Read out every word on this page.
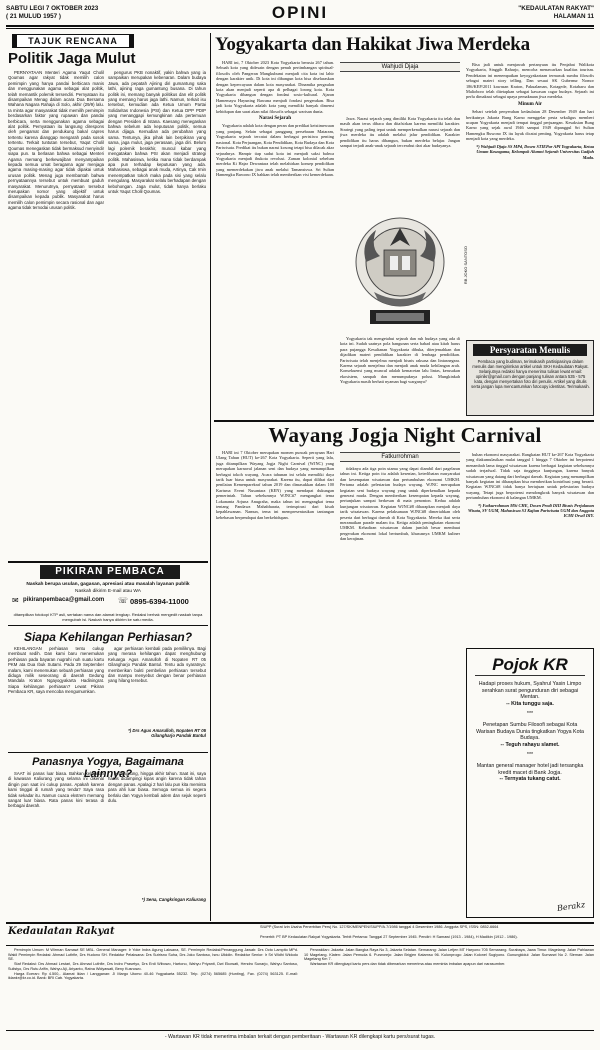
SABTU LEGI 7 OKTOBER 2023
( 21 MULUD 1957 )	OPINI	"KEDAULATAN RAKYAT"
HALAMAN 11
TAJUK RENCANA
Politik Jaga Mulut

PERNYATAAN Menteri Agama Yaqut Cholil Qoumas agar rakyat tidak memilih calon pemimpin yang hanya pandai berbicara manis dan menggunakan agama sebagai alat politik, telah memantik polemik tersendiri. Pernyataan itu disampaikan Menag dalam acara Doa Bersama Wahana Nagara Rahaja di Solo, akhir (29/9) lalu. Ia minta agar masyarakat tidak memilih pemimpin berdasarkan faktor yang rupawan dan pandai berbicara, serta menggunakan agama sebagai alat politik. Pernyataan itu langsung direspons oleh pengamat dan pendukung bakal capres tertentu karena dianggap mengarah pada sosok tertentu. Terkait tuntutan tersebut, Yaqut Cholil Qoumas menegaskan tidak bermaksud menyindir siapa pun. Ia berlasan bahwa sebagai Menteri Agama memang berkewajiban menyampaikan kepada semua umat beragama agar menjaga agama masing-masing agar tidak dipakai untuk urusan politik. Menag juga membantah bahwa pernyataannya tersebut untuk membuat gaduh masyarakat. Menurutnya, pernyataan tersebut merupakan nomor yang objektif untuk disampaikan kepada publik. Masyarakat harus memilih calon pemimpin secara rasional dan agar agama tidak ternodai urusan politik.

pengurus PKB nonaktif, yakin bahwa yang ia sampaikan merupakan kebenaran. Dalam budaya Jawa, ada pepatah Ajining diri gumantung saka lathi, ajining raga gumantung busana. Di tahun politik ini, memang banyak politikus dan elit politik yang memang harus jaga lathi. Namun, terkait isu tersebut, kemudian ada Ketua Umum Partai Solidaritas Indonesia (PSI) dan Ketua DPP PDIP yang menanggapi kemungkinan ada pertemuan dengan Presiden di Istana. Kaesang menegaskan bahwa sebelum ada keputusan politik, semua harus dijaga. Kemudian ada perubahan yang sama. Tentunya, jika pihak lain berpikiran yang sama, jaga mulut, jaga perasaan, jaga diri. Belum lagi polemik berakhir, muncul kabar yang mengatakan bahwa PSI akan menjadi strategi politik. Mahasiswa, ketika mana tidak berdampak apa pun terhadap keputusan yang ada. Mahasiswa, sebagai anak muda, Artinya, Cak Imin menempatkan tokoh maka pada sisi yang selalu mengulang. Masyarakat selalu berhadapan dengan kebohongan. Jaga mulut, tidak hanya berlaku untuk Yaqut Cholil Qoumas.

PIKIRAN PEMBACA
Naskah berupa usulan, gagasan, apresiasi atau masalah layanan publik
Naskah dikirim E-mail atau WA
✉ pikiranpembaca@gmail.com ☏ 0895-6394-11000
ditampilkan fotokopi KTP asli, sertakan nama dan alamat lengkap. Redaksi berhak mengedit naskah tanpa mengubah isi. Naskah hanya dikirim ke satu media.
Siapa Kehilangan Perhiasan?

KEHILANGAN perhiasan tentu cukup membuat sedih. Dan kami baru menemukan perhiasan pada bayaran nugrahi nuh suatu kartu PKM ata Dua Ibuk Sutami. Pada 29 September malam, kami menemukan sebuah perhiasan yang diduga milik seseorang di daerah Gedung Mandala Kraton Ngayogyakarta Hadiningrat. Siapa kehilangan perhiasan? Lewat Pikiran Pembaca KR, saya mencoba mengumumkan.

agar perhiasan kembali pada pemiliknya. Bagi yang merasa kehilangan dapat menghubungi Keluarga Agus Amarulloh di Nopaten RT 05 Gilangharjo Pandak Bantul. Tentu ada syaratnya: memberikan bukti pembelian perhiasan tersebut dan mampu menyebut dengan benar perhiasan yang hilang tersebut.

*) Drs Agus Amarulloh, Nopaten RT 05 Gilangharjo Pandak Bantul
Panasnya Yogya, Bagaimana Lainnya?

SAAT ini panas luar biasa. Bahkan kelelahan di kawasan Kaliurang yang selama ini dikenal dingin pun saat ini cukup panas. Apakah karena kami tinggal di rumah yang tenda? Saya rasa tidak sekadar itu. Namun cuaca ekstrem memang sangat luar biasa. Rata panas kini terasa di berbagai daerah.

berlangsung, hingga akhir tahun. Saat ini, saya harus didampingi kipas angin karena tidak tahan dengan panas. Apalagi 2 hari lalu pun kita meminta para ahli luar biasa. Semoga semua ini segera berlalu dan Yogya kembali adem dan sejuk seperti dulu.

*) Sena, Cangkringan Kaliurang
Yogyakarta dan Hakikat Jiwa Merdeka

HARI ini, 7 Oktober 2023 Kota Yogyakarta berusia 267 tahun. Sebuah kota yang didesain dengan penuh pertimbangan spiritual-filosofis oleh Pangeran Mangkubumi menjadi cita kota ini lahir dengan karakter unik. Di kota ini dibangun kota bisa diselaraskan dengan kepercayaan dalam kota masyarakat. Dinamika pergaulan kota akan menjadi seperti apa di pelbagai lorong kota. Kota Yogyakarta dibangun dengan fondasi sosio-kultural. Ajaran Hamemayu Hayuning Bawana menjadi fondasi pergerakan. Bisa jadi kota Yogyakarta adalah kota yang memiliki banyak dimensi kehidupan dan sarat akan nilai filosofis sebagai warisan dunia.

Narasi Sejarah

Yogyakarta adalah kota dengan peran dan predikat keistimewaan yang panjang. Selain sebagai panggung persebaran Mataram, Yogyakarta sejarah tercatat dalam berbagai peristiwa penting nasional. Kota Perjuangan, Kota Pendidikan, Kota Budaya dan Kota Pariwisata. Predikat itu bukan narasi kosong tetapi bisa dilacak akar sejarahnya. Hampir tiap sudut kota ini menjadi saksi bahwa Yogyakarta menjadi ibukota revolusi. Zaman kolonial sebelum merdeka Ki Hajar Dewantara telah melahirkan konsep pendidikan yang memerdekakan jiwa anak melalui Tamansiswa. Sri Sultan Hamengku Buwono IX bahkan telah memberikan visi kemerdekaan.

Wahjudi Djaja

Jawa. Narasi sejarah yang dimiliki Kota Yogyakarta itu telah dan masih akan terus dibaca dan ditafsirkan karena memiliki karakter. Strategi yang paling tepat untuk memperkenalkan narasi sejarah dan jiwa merdeka itu adalah melalui jalur pendidikan. Karakter pendidikan itu harus dibangun, bukan merdeka belajar. Jangan sampai terjadi anak-anak sejarah tercerabut dari akar budayanya.

RB JOKO SANTOSO

Yogyakarta tak mengetahui sejarah dan ruh budaya yang ada di kota ini. Sudah saatnya pola bangunan serta babad atau kitab harus para pujangga Kesultanan Yogyakarta dibuka, diterjemahkan dan dijadikan materi pendidikan karakter di lembaga pendidikan. Pariwisata telah menjelma menjadi bisnis raksasa dan lintasnegara. Karena sejarah menjelma dan menjadi anak muda kehilangan arah. Konsekuensi yang muncul adalah kemacetan lalu lintas, kerusakan ekosistem, sampah dan menumpuknya polusi. Mungkinkah Yogyakarta masih berhati nyaman bagi warganya?

Bisa jadi untuk menjawab pertanyaan itu Penjabat Walikota Yogyakarta, Singgih Raharjo, mencoba menawarkan kualitas tourism. Pendekatan ini menempatkan keyogyakartaan termasuk sumbu filosofis sebagai materi story telling. Dan sesuai SK Gubernur Nomor 186/KEP/2011 kawasan Kraton, Pakualaman, Kotagede, Kotabaru dan Malioboro telah ditetapkan sebagai kawasan cagar budaya. Sejarah ini perlu dimaknai sebagai upaya pemaknaan jiwa merdeka.

Minum Air

Sehari setelah penyerahan kedaulatan 28 Desember 1949 dan hari berikutnya Jakarta Bung Karno menggelar pesta sekaligus memberi ucapan Yogyakarta menjadi tempat tinggal perjuangan. Kesaksian Bung Karno yang sejak awal 1946 sampai 1949 dipanggul Sri Sultan Hamengku Buwono IX itu layak dicatat penting. Yogyakarta harus tetap menjadi kota yang merdeka.

*) Wahjudi Djaja SS MPd, Dosen STIEPar API Yogyakarta, Ketua Umum Kawagama, Kelompok Alumni Sejarah Universitas Gadjah Mada.
Persyaratan Menulis
Pembaca yang budiman, terimakasih partisipasinya dalam menulis dan mengirimkan artikel untuk SKH Kedaulatan Rakyat. Selanjutnya redaksi hanya menerima tulisan lewat email: opinikr@gmail.com dengan panjang tulisan antara 535 - 575 kata, dengan menyertakan foto diri penulis. Artikel yang ditulis serta jangan lupa mencantumkan fotocopy identitas. Terimakasih.
Wayang Jogja Night Carnival

HARI ini 7 Oktober merupakan momen puncak perayaan Hari Ulang Tahun (HUT) ke-267 Kota Yogyakarta. Seperti yang lalu, juga ditampilkan Wayang Jogja Night Carnival (WJNC) yang merupakan karnaval jalanan seni dan budaya yang menampilkan berbagai tokoh wayang. Acara tahunan ini selalu memiliki daya tarik luar biasa untuk masyarakat. Karena itu, dapat dilihat dari penilaian Kemenparekraf tahun 2019 dan dimasukkan dalam 100 Karisma Event Nusantara (KEN) yang mendapat dukungan pemerintah. Tahun sebelumnya WJNC#7 mengangkat tema Lokananta Arjuna Anugraha, maka tahun ini mengangkat tema tentang Pandawa Mahabharata, terinspirasi dari kisah kepahlawanan. Namun, tema ini mempresentasikan tantangan kebebasan berpendapat dan berkehidupan.

Fatkurrohman

tidaknya ada tiga poin utama yang dapat diambil dari pagelaran tahun ini. Ketiga poin itu adalah kesenian, keterlibatan masyarakat dan kesempatan wisatawan dan pertumbuhan ekonomi UMKM. Pertama adalah pelestarian budaya wayang. WJNC merupakan kegiatan seni budaya wayang yang untuk diperkenalkan kepada generasi muda. Dengan memberikan kesempatan kepada wayang, pertunjukan sampai berkesan di mata penonton. Kedua adalah kunjungan wisatawan. Kegiatan WJNC#8 diharapkan menjadi daya tarik wisatawan. Karena pelaksanaan WJNC#8 dimeriahkan oleh peserta dari berbagai daerah di Kota Yogyakarta. Mereka ikut serta meramaikan parade malam itu. Ketiga adalah peningkatan ekonomi UMKM. Kehadiran wisatawan dalam jumlah besar membuat pergerakan ekonomi lokal bertumbuh, khususnya UMKM kuliner dan kerajinan.

buhan ekonomi masyarakat. Rangkaian HUT ke-267 Kota Yogyakarta yang diakumulasikan mulai tanggal 1 hingga 7 Oktober ini berpotensi menambah lama tinggal wisatawan karena berbagai kegiatan sebelumnya sudah terjadwal. Tidak saja tingginya kunjungan, karena banyak wisatawan yang datang dari berbagai daerah. Kegiatan yang menampilkan banyak kegiatan ini diharapkan bisa memberikan kontribusi yang berarti. Kegiatan WJNC#8 tidak hanya bertujuan untuk pelestarian budaya wayang. Tetapi juga berpotensi mendongkrak banyak wisatawan dan pertumbuhan ekonomi di kalangan UMKM.

*) Fatkurrohman MSi CHE, Dosen Prodi DIII Bisnis Perjalanan Wisata, SV UGM, Mahasiswa S3 Kajian Pariwisata UGM dan Anggota ICMI Orwil DIY.
Pojok KR
Hadapi proses hukum, Syahrul Yasin Limpo serahkan surat pengunduran diri sebagai Mentan.
-- Kita tunggu saja.
***
Penetapan Sumbu Filosofi sebagai Kota Warisan Budaya Dunia tingkatkan Yogya Kota Budaya.
-- Teguh rahayu slamet.
***
Mantan general manager hotel jadi tersangka kredit macet di Bank Jogja.
-- Ternyata tukang catut.
Berakz
Kedaulatan Rakyat	SIUPP (Surat Izin Usaha Penerbitan Pers) No. 127/SK/MENPEN/SIUPP/A.7/1986 tanggal 4 Desember 1986. Anggota SPS, ISSN: 0852-6664
Penerbit: PT BP Kedaulatan Rakyat Yogyakarta. Terbit Pertama: Tanggal 27 September 1945. Pendiri: H Samawi (1913 - 1984), H Madikin (1912 - 1986).

Pemimpin Umum: M Wirman Samawi SE MBL. General Manager: Ir Yoke Indra Agung Laksana, SE. Pemimpin Redaksi/Penanggung Jawab: Drs Octo Lampito MPd. Wakil Pemimpin Redaksi: Ahmad Luthfie, Drs Hudono SH. Redaktur Pelaksana: Drs Sutrisno Suha, Drs Joko Santoso, Isnu Uliddin. Redaktur Senior: Ir Sri Widhi Widodo SE.

Staf Redaksi: Drs Ahmad Lestari, Drs Ahmad Luthfie, Drs Indro Prasetyo, Drs Erdi Wibowo, Hartono, Wahyu Priyanti, Dwi Ekowati, Hendro Sunarjo, Wahyu Santoso, Sulistyo, Drs Rutu Arifin, Wahyu Aji, Ariyanto, Ratna Widyawati, Beny Kusnowo.

Harga Eceran: Rp 4.500,- Alamat Iklan / Langganan: Jl Margo Utomo 40-46 Yogyakarta 55232. Telp. (0274) 565685 (Hunting), Fax. (0274) 563125. E-mail: iklankr@kr.co.id. Bank: BRI Cab. Yogyakarta.

Perwakilan: Jakarta: Jalan Bangka Raya No 3, Jakarta Selatan. Semarang: Jalan Letjen MT Haryono 705 Semarang. Surabaya, Jawa Timur. Magelang: Jalan Pahlawan 10 Magelang. Klaten: Jalan Pemuda 6. Purworejo: Jalan Brigjen Katamso 96. Kulonprogo: Jalan Kolonel Sugiyono. Gunungkidul: Jalan Sumarwi No 2. Sleman: Jalan Magelang Km 7.

Wartawan KR dilengkapi kartu pers dan tidak dibenarkan menerima atau meminta imbalan apapun dari narasumber.

- Wartawan KR tidak menerima imbalan terkait dengan pemberitaan - Wartawan KR dilengkapi kartu pers/surat tugas.
